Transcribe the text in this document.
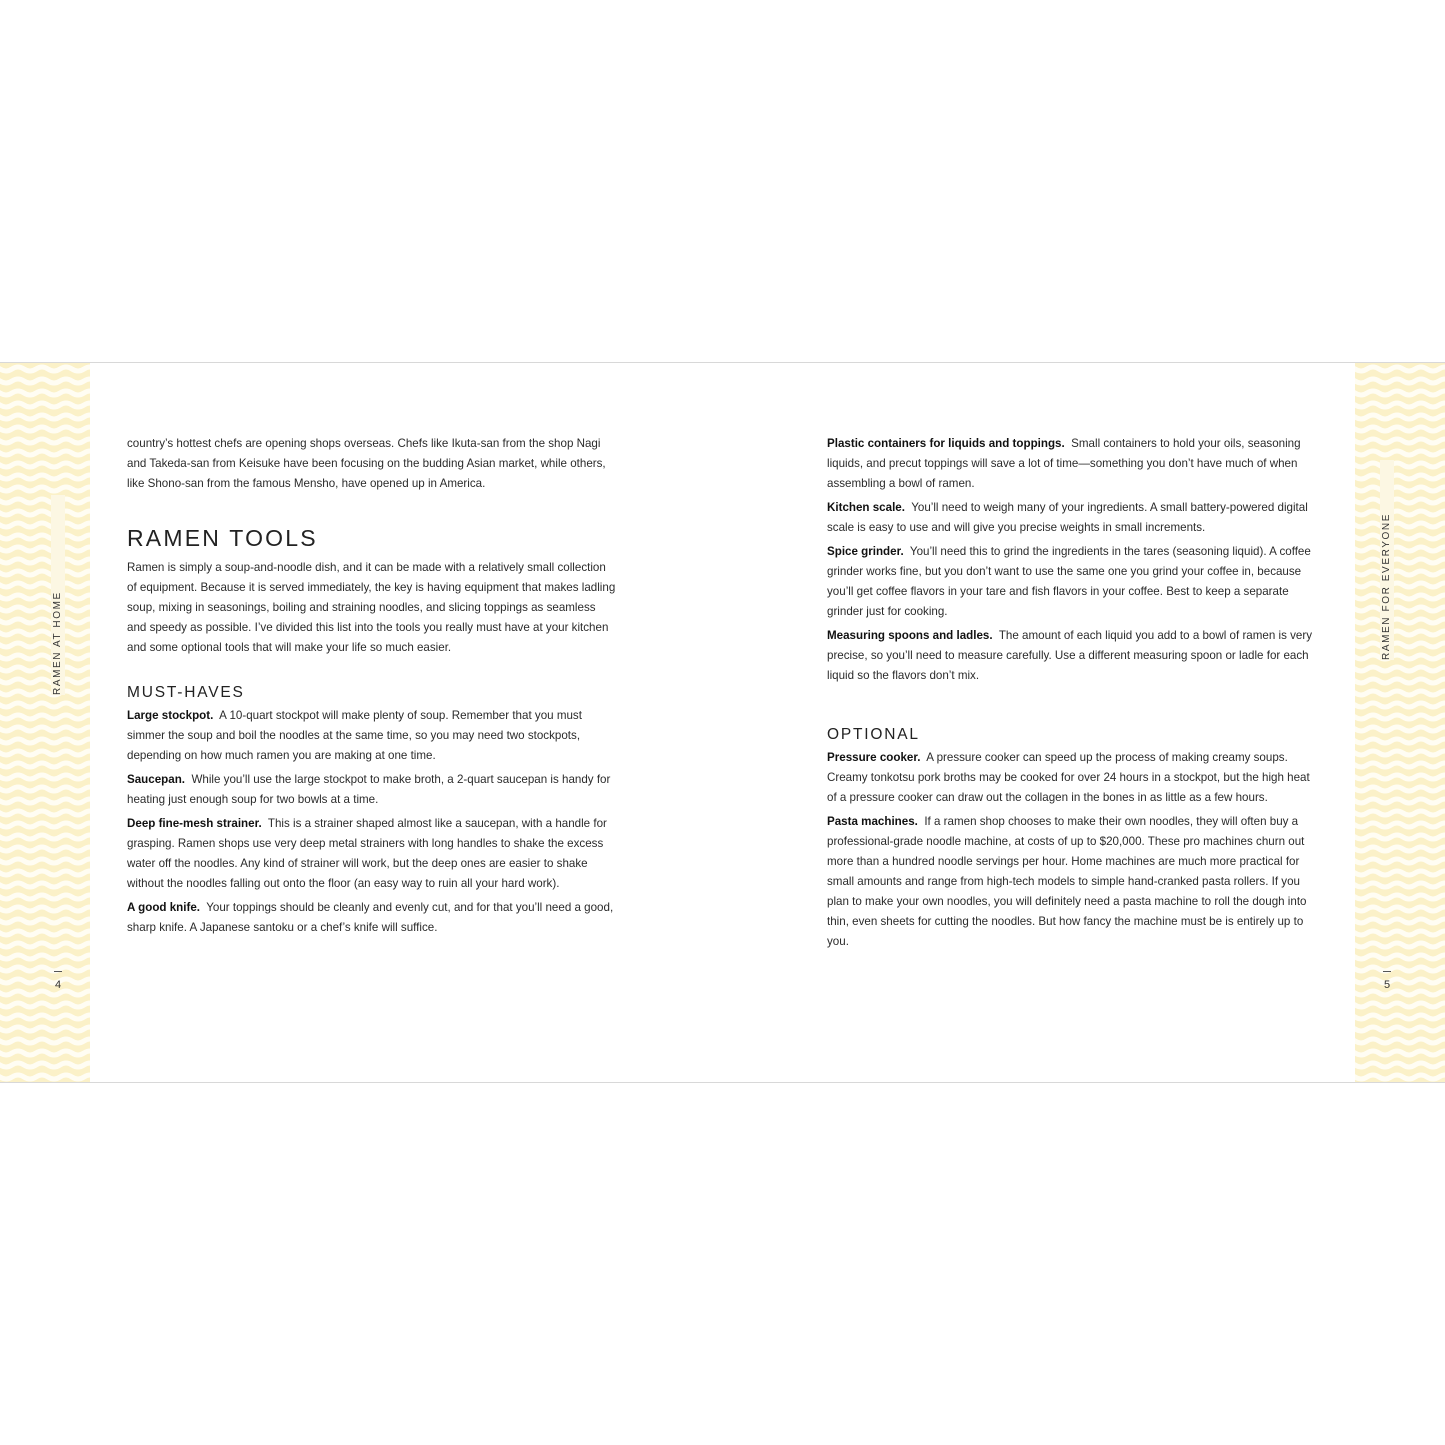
RAMEN AT HOME
4
RAMEN FOR EVERYONE
5

country’s hottest chefs are opening shops overseas. Chefs like Ikuta-san from the shop Nagi and Takeda-san from Keisuke have been focusing on the budding Asian market, while others, like Shono-san from the famous Mensho, have opened up in America.

RAMEN TOOLS

Ramen is simply a soup-and-noodle dish, and it can be made with a relatively small collection of equipment. Because it is served immediately, the key is having equipment that makes ladling soup, mixing in seasonings, boiling and straining noodles, and slicing toppings as seamless and speedy as possible. I’ve divided this list into the tools you really must have at your kitchen and some optional tools that will make your life so much easier.

MUST-HAVES

Large stockpot. A 10-quart stockpot will make plenty of soup. Remember that you must simmer the soup and boil the noodles at the same time, so you may need two stockpots, depending on how much ramen you are making at one time.

Saucepan. While you’ll use the large stockpot to make broth, a 2-quart saucepan is handy for heating just enough soup for two bowls at a time.

Deep fine-mesh strainer. This is a strainer shaped almost like a saucepan, with a handle for grasping. Ramen shops use very deep metal strainers with long handles to shake the excess water off the noodles. Any kind of strainer will work, but the deep ones are easier to shake without the noodles falling out onto the floor (an easy way to ruin all your hard work).

A good knife. Your toppings should be cleanly and evenly cut, and for that you’ll need a good, sharp knife. A Japanese santoku or a chef’s knife will suffice.

Plastic containers for liquids and toppings. Small containers to hold your oils, seasoning liquids, and precut toppings will save a lot of time—something you don’t have much of when assembling a bowl of ramen.

Kitchen scale. You’ll need to weigh many of your ingredients. A small battery-powered digital scale is easy to use and will give you precise weights in small increments.

Spice grinder. You’ll need this to grind the ingredients in the tares (seasoning liquid). A coffee grinder works fine, but you don’t want to use the same one you grind your coffee in, because you’ll get coffee flavors in your tare and fish flavors in your coffee. Best to keep a separate grinder just for cooking.

Measuring spoons and ladles. The amount of each liquid you add to a bowl of ramen is very precise, so you’ll need to measure carefully. Use a different measuring spoon or ladle for each liquid so the flavors don’t mix.

OPTIONAL

Pressure cooker. A pressure cooker can speed up the process of making creamy soups. Creamy tonkotsu pork broths may be cooked for over 24 hours in a stockpot, but the high heat of a pressure cooker can draw out the collagen in the bones in as little as a few hours.

Pasta machines. If a ramen shop chooses to make their own noodles, they will often buy a professional-grade noodle machine, at costs of up to $20,000. These pro machines churn out more than a hundred noodle servings per hour. Home machines are much more practical for small amounts and range from high-tech models to simple hand-cranked pasta rollers. If you plan to make your own noodles, you will definitely need a pasta machine to roll the dough into thin, even sheets for cutting the noodles. But how fancy the machine must be is entirely up to you.
